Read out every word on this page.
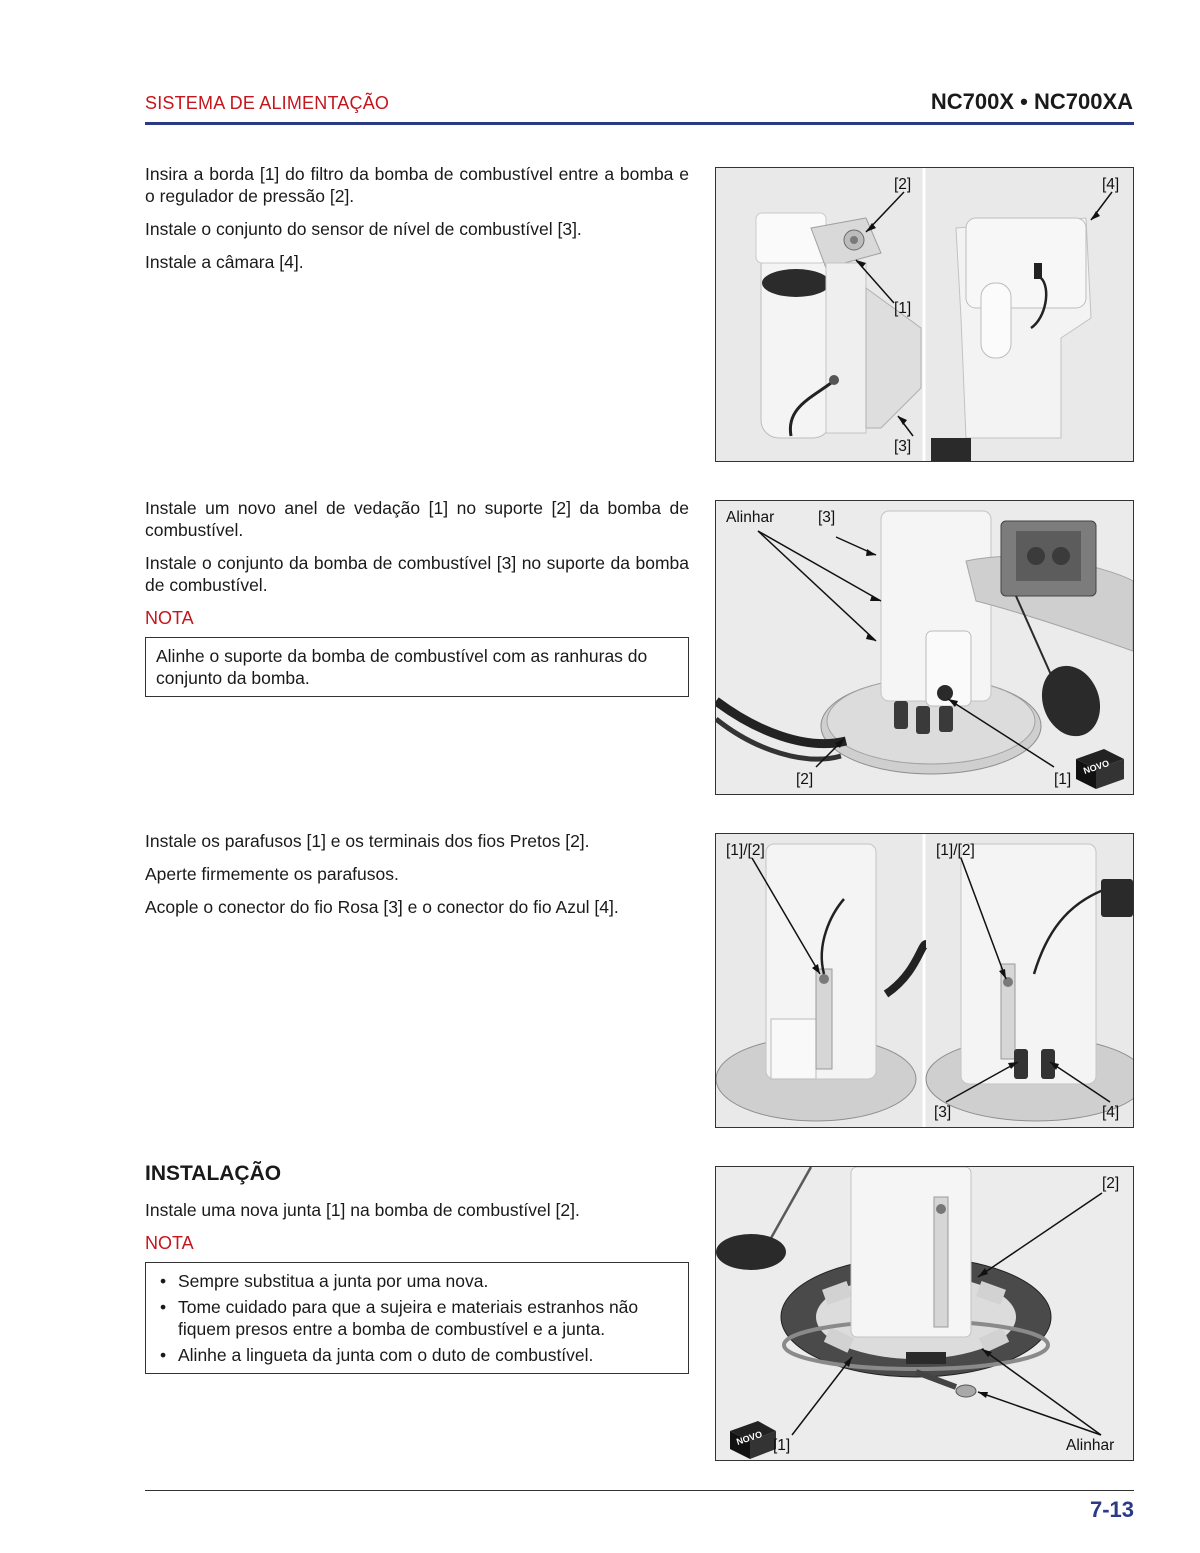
SISTEMA DE ALIMENTAÇÃO	NC700X • NC700XA

Insira a borda [1] do filtro da bomba de combustível entre a bomba e o regulador de pressão [2].

Instale o conjunto do sensor de nível de combustível [3].

Instale a câmara [4].

[2]	[4]
[1]
[3]

Instale um novo anel de vedação [1] no suporte [2] da bomba de combustível.

Instale o conjunto da bomba de combustível [3] no suporte da bomba de combustível.

NOTA
Alinhe o suporte da bomba de combustível com as ranhuras do conjunto da bomba.
Alinhar	[3]
[2]	[1]
NOVO

Instale os parafusos [1] e os terminais dos fios Pretos [2].

Aperte firmemente os parafusos.

Acople o conector do fio Rosa [3] e o conector do fio Azul [4].

[1]/[2]	[1]/[2]
[3]	[4]
INSTALAÇÃO

Instale uma nova junta [1] na bomba de combustível [2].

NOTA
• Sempre substitua a junta por uma nova.
• Tome cuidado para que a sujeira e materiais estranhos não fiquem presos entre a bomba de combustível e a junta.
• Alinhe a lingueta da junta com o duto de combustível.
[2]
[1]	Alinhar
NOVO
7-13
